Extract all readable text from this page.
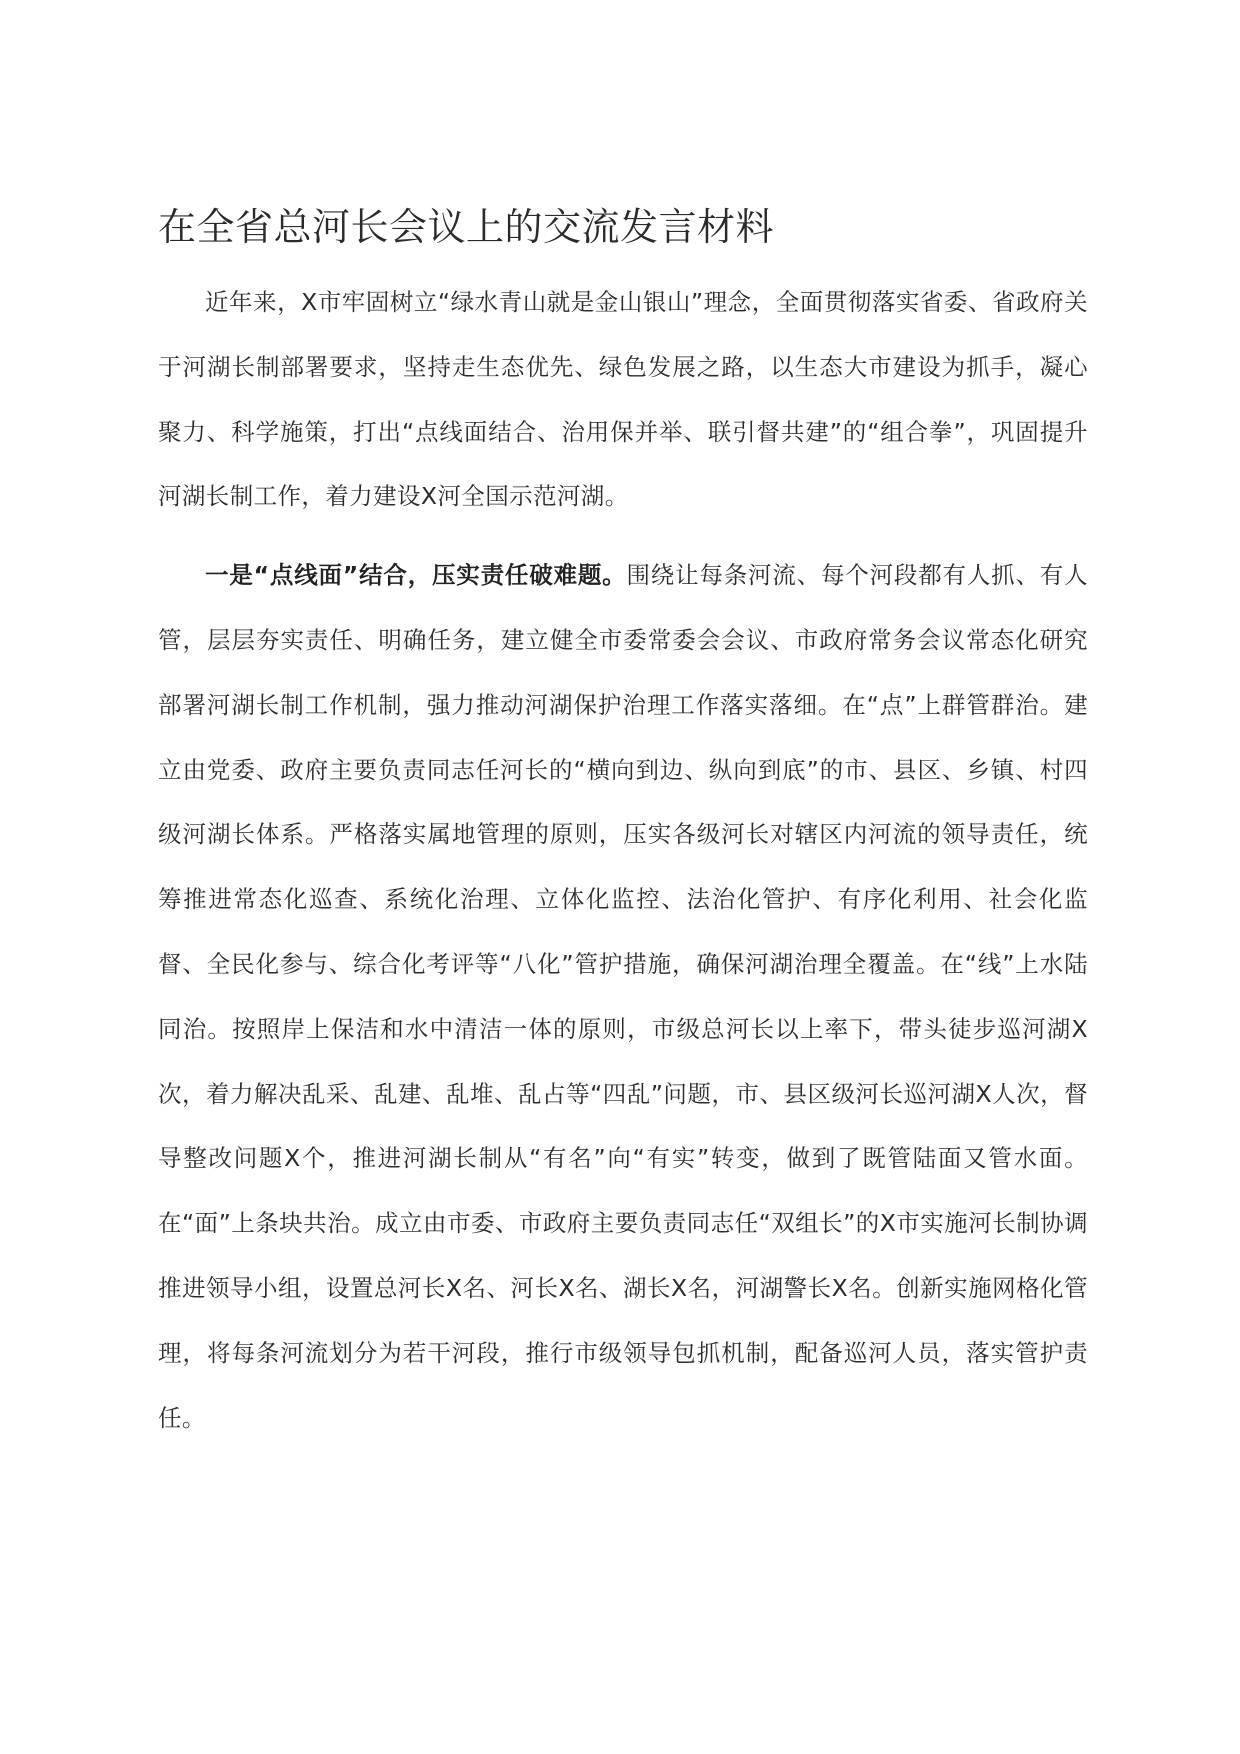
在全省总河长会议上的交流发言材料

近年来，X市牢固树立“绿水青山就是金山银山”理念，全面贯彻落实省委、省政府关于河湖长制部署要求，坚持走生态优先、绿色发展之路，以生态大市建设为抓手，凝心聚力、科学施策，打出“点线面结合、治用保并举、联引督共建”的“组合拳”，巩固提升河湖长制工作，着力建设X河全国示范河湖。

一是“点线面”结合，压实责任破难题。围绕让每条河流、每个河段都有人抓、有人管，层层夯实责任、明确任务，建立健全市委常委会会议、市政府常务会议常态化研究部署河湖长制工作机制，强力推动河湖保护治理工作落实落细。在“点”上群管群治。建立由党委、政府主要负责同志任河长的“横向到边、纵向到底”的市、县区、乡镇、村四级河湖长体系。严格落实属地管理的原则，压实各级河长对辖区内河流的领导责任，统筹推进常态化巡查、系统化治理、立体化监控、法治化管护、有序化利用、社会化监督、全民化参与、综合化考评等“八化”管护措施，确保河湖治理全覆盖。在“线”上水陆同治。按照岸上保洁和水中清洁一体的原则，市级总河长以上率下，带头徒步巡河湖X次，着力解决乱采、乱建、乱堆、乱占等“四乱”问题，市、县区级河长巡河湖X人次，督导整改问题X个，推进河湖长制从“有名”向“有实”转变，做到了既管陆面又管水面。在“面”上条块共治。成立由市委、市政府主要负责同志任“双组长”的X市实施河长制协调推进领导小组，设置总河长X名、河长X名、湖长X名，河湖警长X名。创新实施网格化管理，将每条河流划分为若干河段，推行市级领导包抓机制，配备巡河人员，落实管护责任。
